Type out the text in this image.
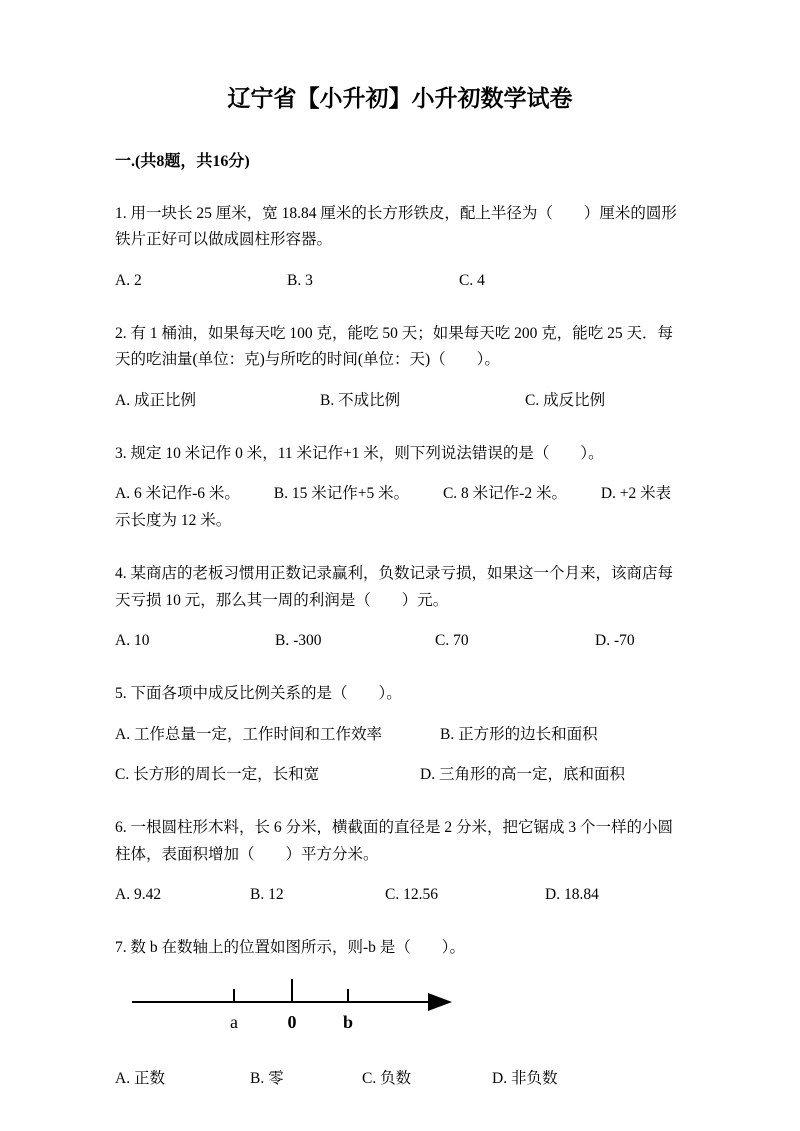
辽宁省【小升初】小升初数学试卷
一.(共8题，共16分)

1. 用一块长 25 厘米，宽 18.84 厘米的长方形铁皮，配上半径为（　　）厘米的圆形铁片正好可以做成圆柱形容器。

A. 2	B. 3	C. 4

2. 有 1 桶油，如果每天吃 100 克，能吃 50 天；如果每天吃 200 克，能吃 25 天．每天的吃油量(单位：克)与所吃的时间(单位：天)（　　）。

A. 成正比例	B. 不成比例	C. 成反比例

3. 规定 10 米记作 0 米，11 米记作+1 米，则下列说法错误的是（　　）。

A. 6 米记作-6 米。 B. 15 米记作+5 米。 C. 8 米记作-2 米。 D. +2 米表示长度为 12 米。

4. 某商店的老板习惯用正数记录赢利，负数记录亏损，如果这一个月来，该商店每天亏损 10 元，那么其一周的利润是（　　）元。

A. 10	B. -300	C. 70	D. -70

5. 下面各项中成反比例关系的是（　　）。

A. 工作总量一定，工作时间和工作效率	B. 正方形的边长和面积

C. 长方形的周长一定，长和宽	D. 三角形的高一定，底和面积

6. 一根圆柱形木料，长 6 分米，横截面的直径是 2 分米，把它锯成 3 个一样的小圆柱体，表面积增加（　　）平方分米。

A. 9.42	B. 12	C. 12.56	D. 18.84

7. 数 b 在数轴上的位置如图所示，则-b 是（　　）。

a	0	b

A. 正数	B. 零	C. 负数	D. 非负数
